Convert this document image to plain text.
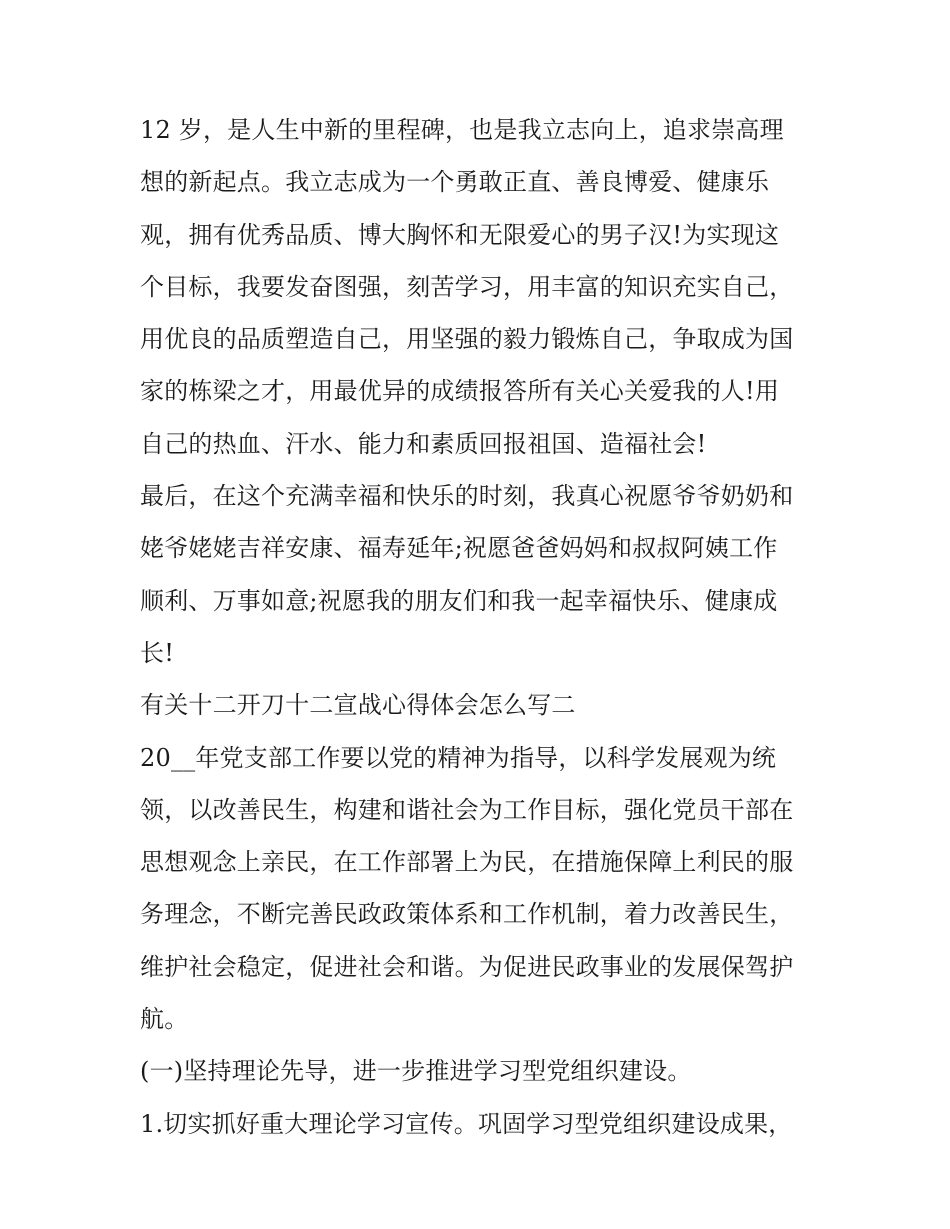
12 岁，是人生中新的里程碑，也是我立志向上，追求崇高理
想的新起点。我立志成为一个勇敢正直、善良博爱、健康乐
观，拥有优秀品质、博大胸怀和无限爱心的男子汉!为实现这
个目标，我要发奋图强，刻苦学习，用丰富的知识充实自己，
用优良的品质塑造自己，用坚强的毅力锻炼自己，争取成为国
家的栋梁之才，用最优异的成绩报答所有关心关爱我的人!用
自己的热血、汗水、能力和素质回报祖国、造福社会!
最后，在这个充满幸福和快乐的时刻，我真心祝愿爷爷奶奶和
姥爷姥姥吉祥安康、福寿延年;祝愿爸爸妈妈和叔叔阿姨工作
顺利、万事如意;祝愿我的朋友们和我一起幸福快乐、健康成
长!
有关十二开刀十二宣战心得体会怎么写二
20__年党支部工作要以党的精神为指导，以科学发展观为统
领，以改善民生，构建和谐社会为工作目标，强化党员干部在
思想观念上亲民，在工作部署上为民，在措施保障上利民的服
务理念，不断完善民政政策体系和工作机制，着力改善民生，
维护社会稳定，促进社会和谐。为促进民政事业的发展保驾护
航。
(一)坚持理论先导，进一步推进学习型党组织建设。
1.切实抓好重大理论学习宣传。巩固学习型党组织建设成果，
